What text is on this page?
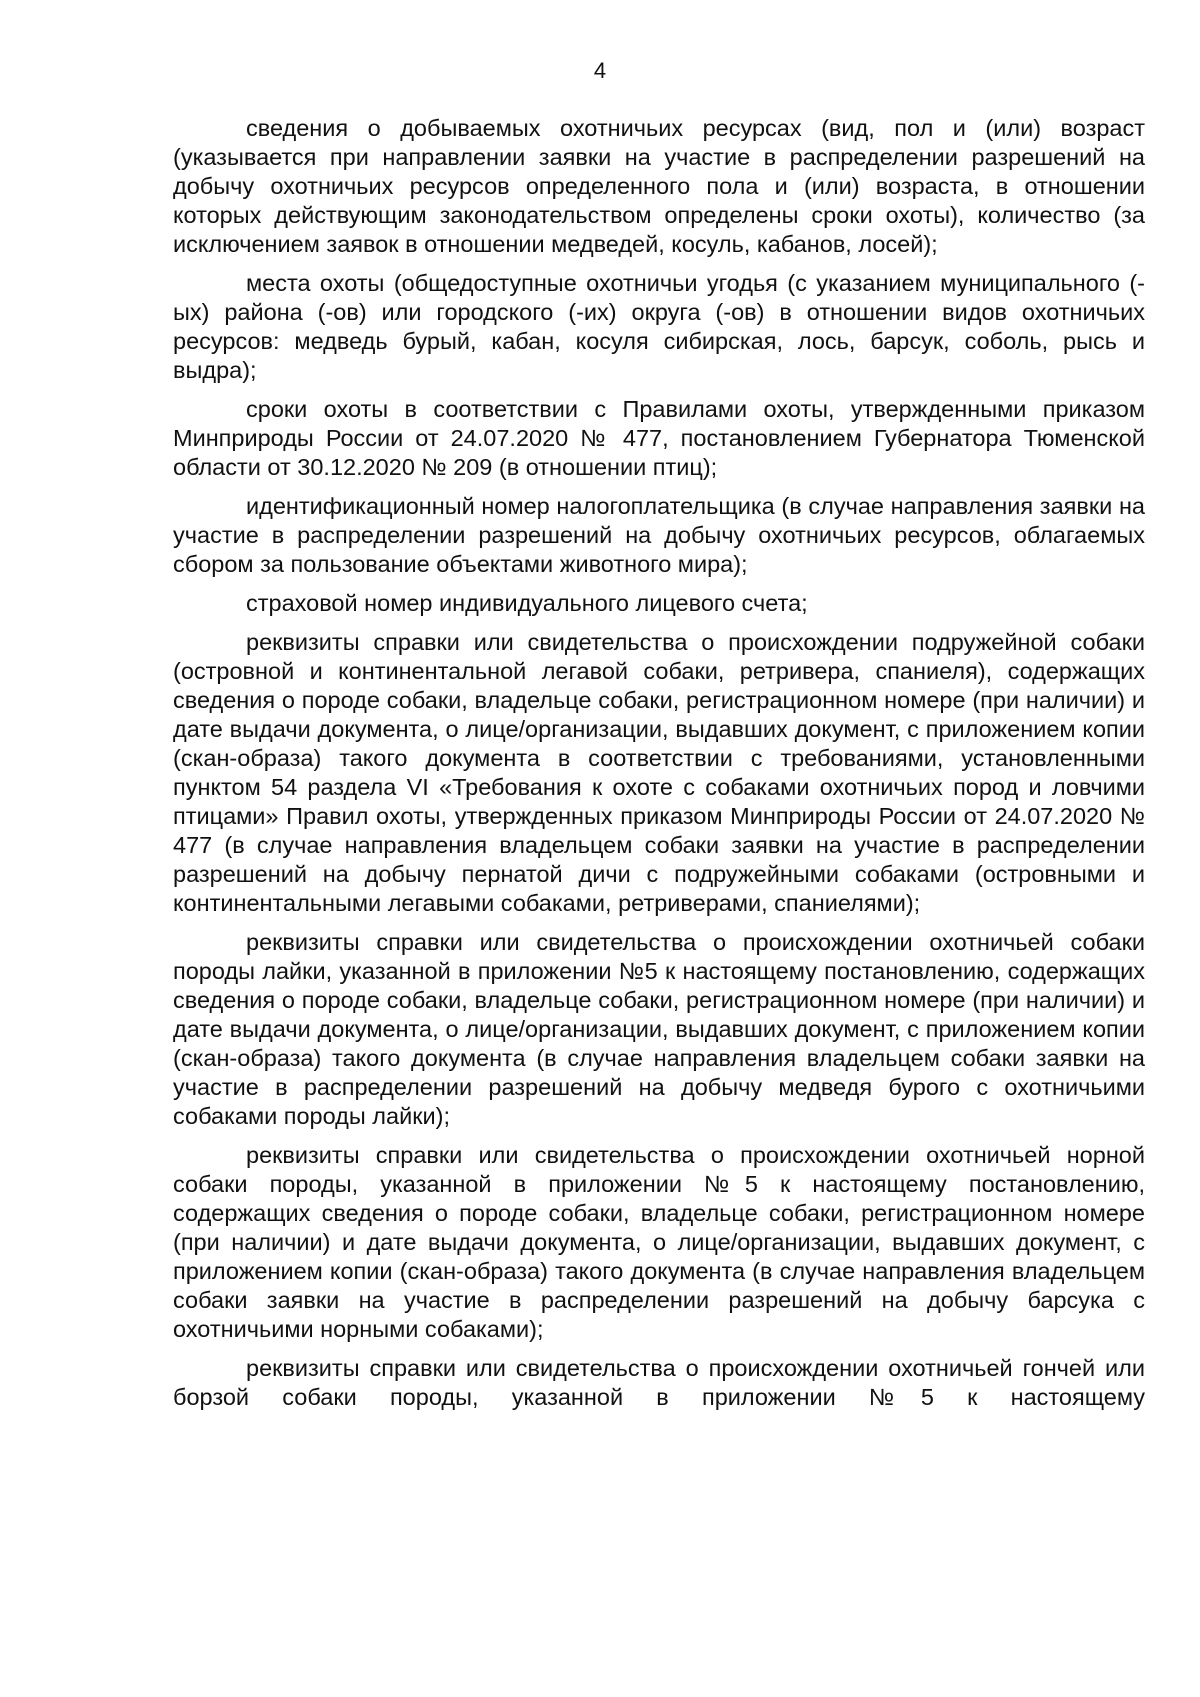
4

сведения о добываемых охотничьих ресурсах (вид, пол и (или) возраст (указывается при направлении заявки на участие в распределении разрешений на добычу охотничьих ресурсов определенного пола и (или) возраста, в отношении которых действующим законодательством определены сроки охоты), количество (за исключением заявок в отношении медведей, косуль, кабанов, лосей);

места охоты (общедоступные охотничьи угодья (с указанием муниципального (-ых) района (-ов) или городского (-их) округа (-ов) в отношении видов охотничьих ресурсов: медведь бурый, кабан, косуля сибирская, лось, барсук, соболь, рысь и выдра);

сроки охоты в соответствии с Правилами охоты, утвержденными приказом Минприроды России от 24.07.2020 № 477, постановлением Губернатора Тюменской области от 30.12.2020 № 209 (в отношении птиц);

идентификационный номер налогоплательщика (в случае направления заявки на участие в распределении разрешений на добычу охотничьих ресурсов, облагаемых сбором за пользование объектами животного мира);

страховой номер индивидуального лицевого счета;

реквизиты справки или свидетельства о происхождении подружейной собаки (островной и континентальной легавой собаки, ретривера, спаниеля), содержащих сведения о породе собаки, владельце собаки, регистрационном номере (при наличии) и дате выдачи документа, о лице/организации, выдавших документ, с приложением копии (скан-образа) такого документа в соответствии с требованиями, установленными пунктом 54 раздела VI «Требования к охоте с собаками охотничьих пород и ловчими птицами» Правил охоты, утвержденных приказом Минприроды России от 24.07.2020 № 477 (в случае направления владельцем собаки заявки на участие в распределении разрешений на добычу пернатой дичи с подружейными собаками (островными и континентальными легавыми собаками, ретриверами, спаниелями);

реквизиты справки или свидетельства о происхождении охотничьей собаки породы лайки, указанной в приложении №5 к настоящему постановлению, содержащих сведения о породе собаки, владельце собаки, регистрационном номере (при наличии) и дате выдачи документа, о лице/организации, выдавших документ, с приложением копии (скан-образа) такого документа (в случае направления владельцем собаки заявки на участие в распределении разрешений на добычу медведя бурого с охотничьими собаками породы лайки);

реквизиты справки или свидетельства о происхождении охотничьей норной собаки породы, указанной в приложении №5 к настоящему постановлению, содержащих сведения о породе собаки, владельце собаки, регистрационном номере (при наличии) и дате выдачи документа, о лице/организации, выдавших документ, с приложением копии (скан-образа) такого документа (в случае направления владельцем собаки заявки на участие в распределении разрешений на добычу барсука с охотничьими норными собаками);

реквизиты справки или свидетельства о происхождении охотничьей гончей или борзой собаки породы, указанной в приложении №5 к настоящему
